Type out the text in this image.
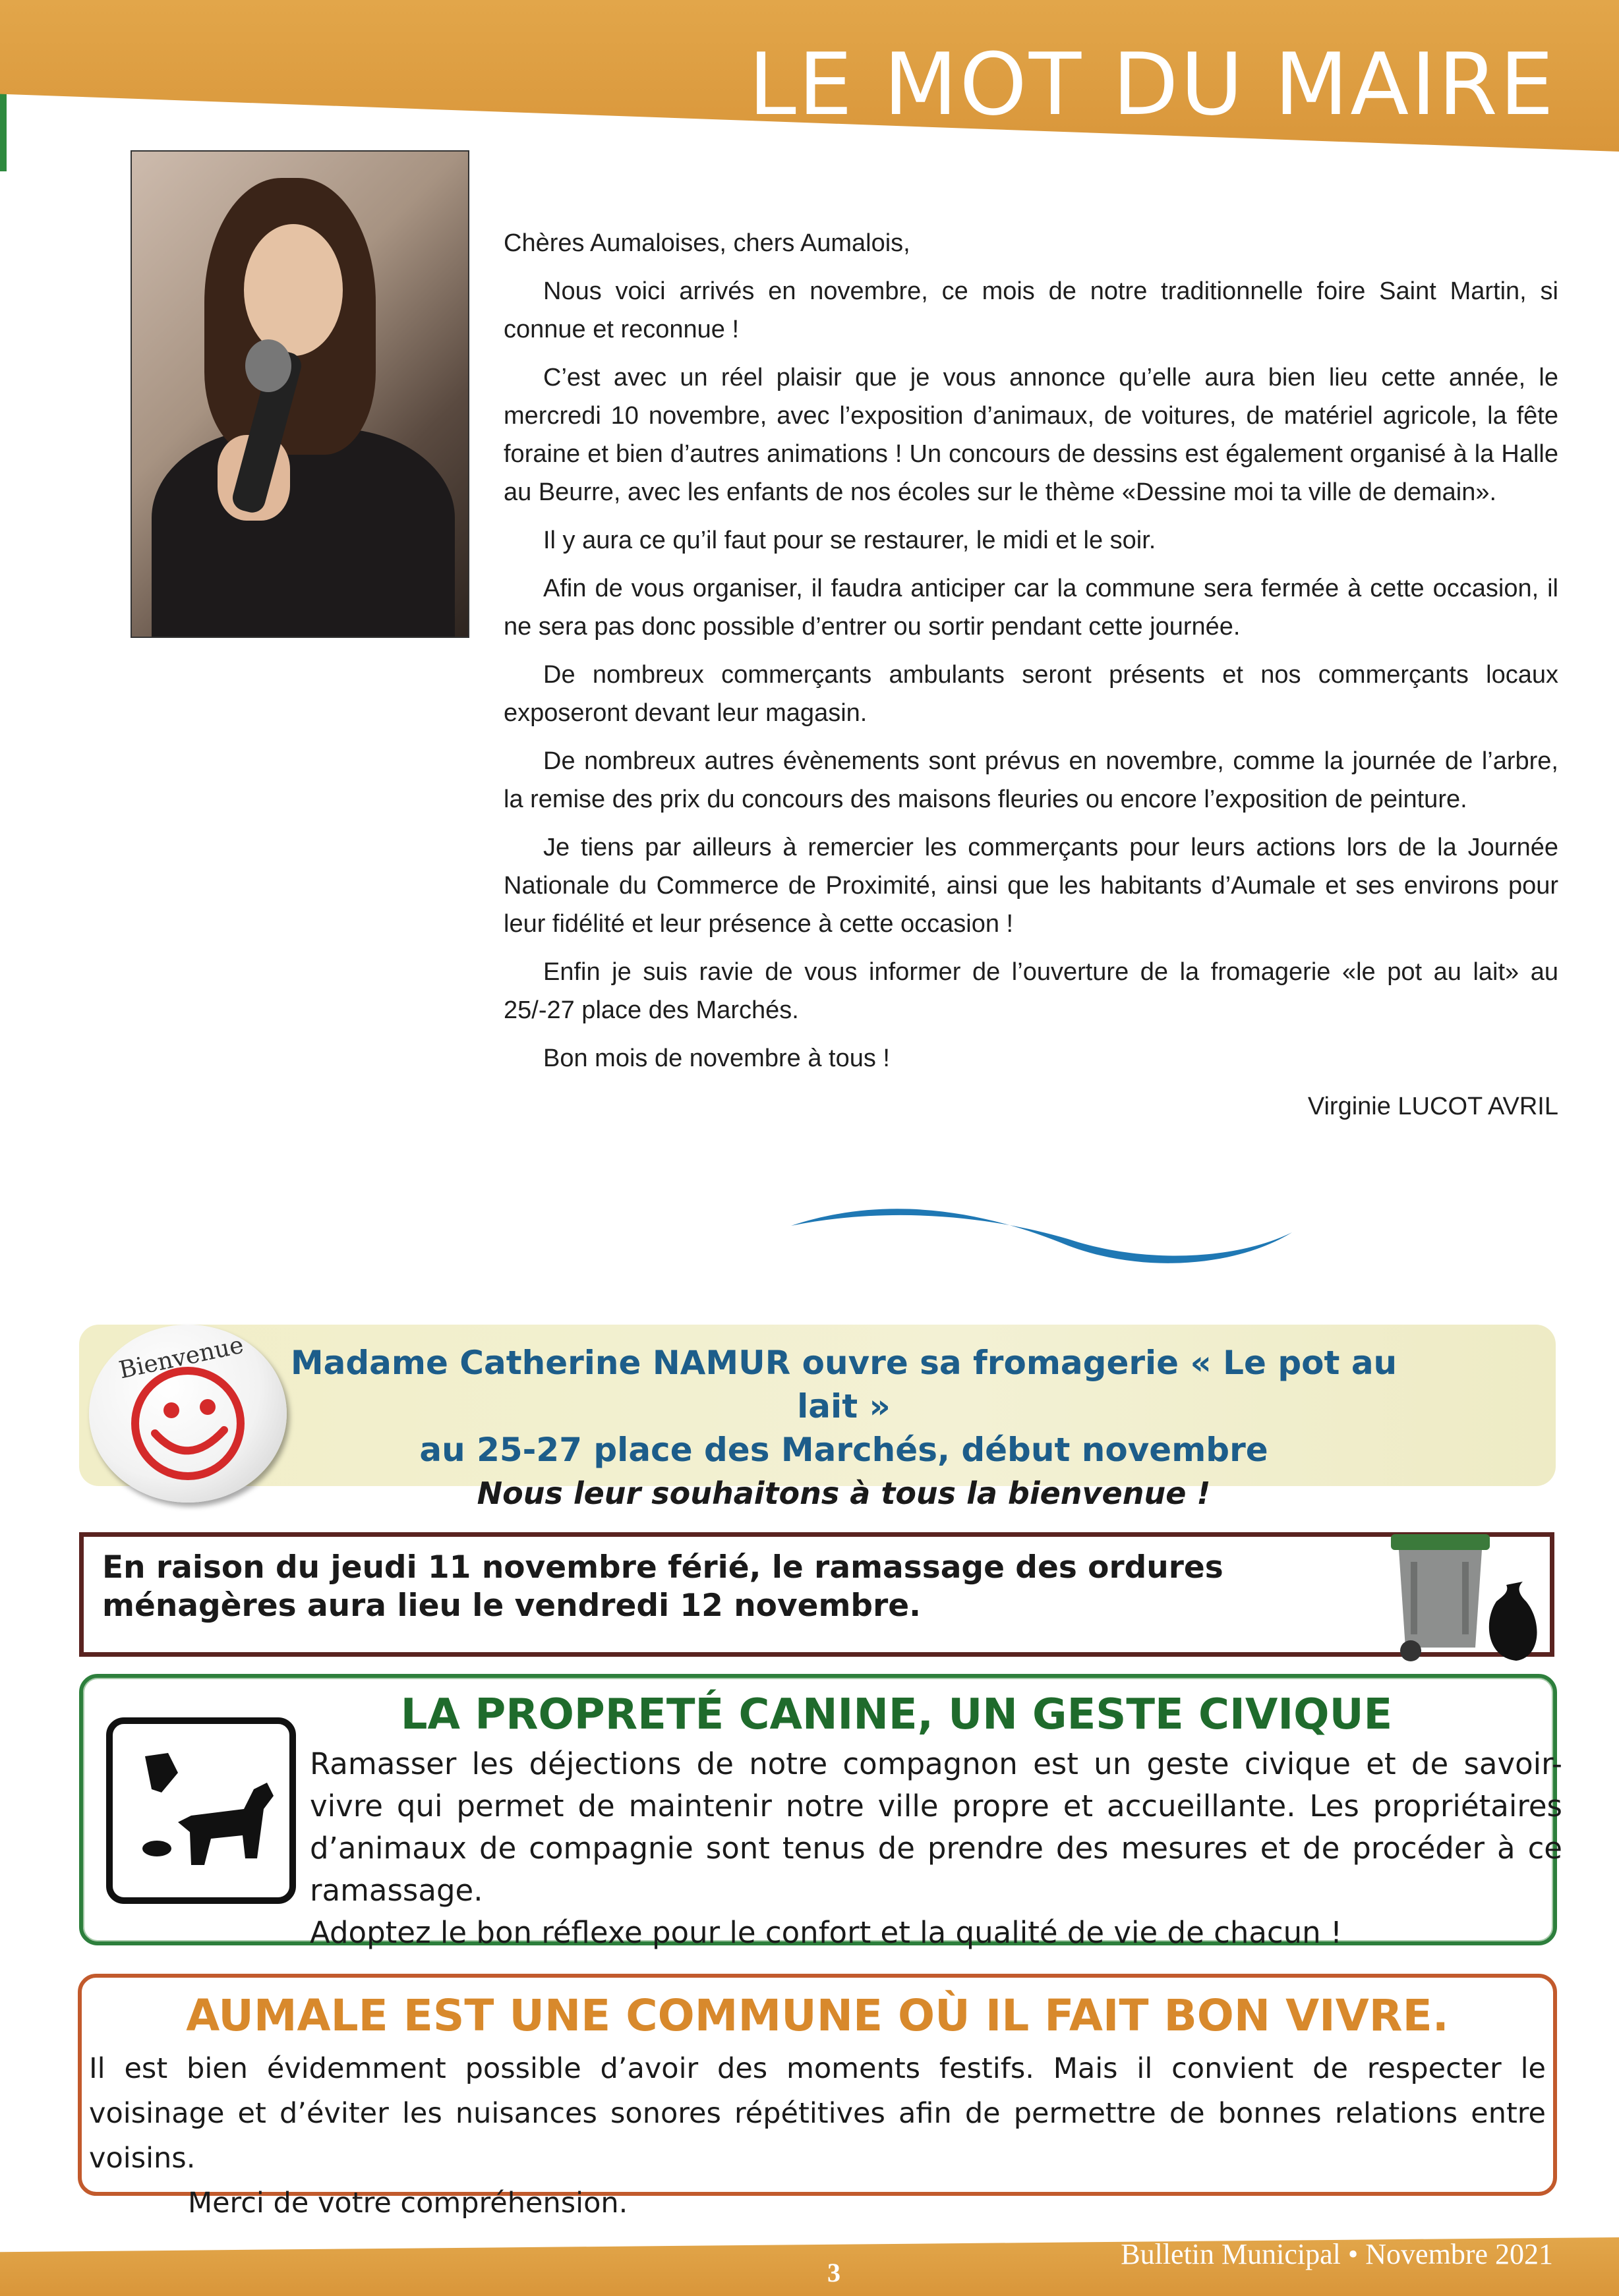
LE MOT DU MAIRE

Chères Aumaloises, chers Aumalois,

Nous voici arrivés en novembre, ce mois de notre traditionnelle foire Saint Martin, si connue et reconnue !

C’est avec un réel plaisir que je vous annonce qu’elle aura bien lieu cette année, le mercredi 10 novembre, avec l’exposition d’animaux, de voitures, de matériel agricole, la fête foraine et bien d’autres animations ! Un concours de dessins est également organisé à la Halle au Beurre, avec les enfants de nos écoles sur le thème «Dessine moi ta ville de demain».

Il y aura ce qu’il faut pour se restaurer, le midi et le soir.

Afin de vous organiser, il faudra anticiper car la commune sera fermée à cette occasion, il ne sera pas donc possible d’entrer ou sortir pendant cette journée.

De nombreux commerçants ambulants seront présents et nos commerçants locaux exposeront devant leur magasin.

De nombreux autres évènements sont prévus en novembre, comme la journée de l’arbre, la remise des prix du concours des maisons fleuries ou encore l’exposition de peinture.

Je tiens par ailleurs à remercier les commerçants pour leurs actions lors de la Journée Nationale du Commerce de Proximité, ainsi que les habitants d’Aumale et ses environs pour leur fidélité et leur présence à cette occasion !

Enfin je suis ravie de vous informer de l’ouverture de la fromagerie «le pot au lait» au 25/-27 place des Marchés.

Bon mois de novembre à tous !

Virginie LUCOT AVRIL

Bienvenue	Madame Catherine NAMUR ouvre sa fromagerie « Le pot au lait »
au 25-27 place des Marchés, début novembre
Nous leur souhaitons à tous la bienvenue !
En raison du jeudi 11 novembre férié, le ramassage des ordures ménagères aura lieu le vendredi 12 novembre.
LA PROPRETÉ CANINE, UN GESTE CIVIQUE

Ramasser les déjections de notre compagnon est un geste civique et de savoir-vivre qui permet de maintenir notre ville propre et accueillante. Les propriétaires d’animaux de compagnie sont tenus de prendre des mesures et de procéder à ce ramassage.

Adoptez le bon réflexe pour le confort et la qualité de vie de chacun !

AUMALE EST UNE COMMUNE OÙ IL FAIT BON VIVRE.

Il est bien évidemment possible d’avoir des moments festifs. Mais il convient de respecter le voisinage et d’éviter les nuisances sonores répétitives afin de permettre de bonnes relations entre voisins.

Merci de votre compréhension.

3
Bulletin Municipal • Novembre 2021
